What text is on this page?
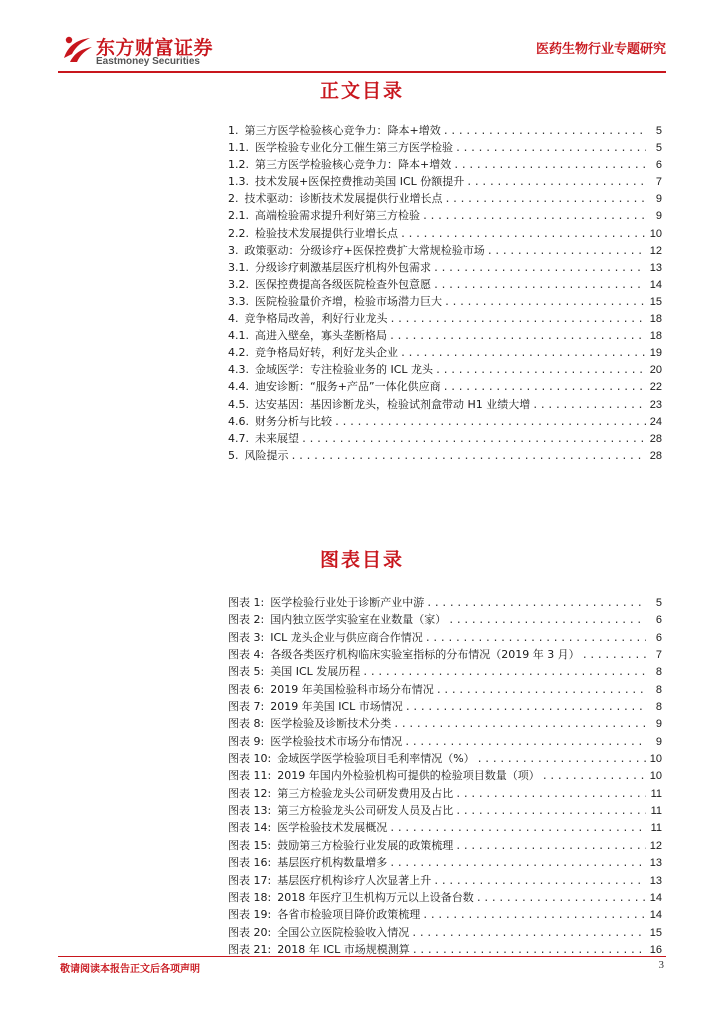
东方财富证券
Eastmoney Securities
医药生物行业专题研究
正文目录
1. 第三方医学检验核心竞争力：降本+增效 .....	5
1.1. 医学检验专业化分工催生第三方医学检验 .....	5
1.2. 第三方医学检验核心竞争力：降本+增效 .....	6
1.3. 技术发展+医保控费推动美国 ICL 份额提升 .....	7
2. 技术驱动：诊断技术发展提供行业增长点 .....	9
2.1. 高端检验需求提升利好第三方检验 .....	9
2.2. 检验技术发展提供行业增长点 .....	10
3. 政策驱动：分级诊疗+医保控费扩大常规检验市场 .....	12
3.1. 分级诊疗刺激基层医疗机构外包需求 .....	13
3.2. 医保控费提高各级医院检查外包意愿 .....	14
3.3. 医院检验量价齐增，检验市场潜力巨大 .....	15
4. 竞争格局改善，利好行业龙头 .....	18
4.1. 高进入壁垒，寡头垄断格局 .....	18
4.2. 竞争格局好转，利好龙头企业 .....	19
4.3. 金域医学：专注检验业务的 ICL 龙头 .....	20
4.4. 迪安诊断：“服务+产品”一体化供应商 .....	22
4.5. 达安基因：基因诊断龙头，检验试剂盒带动 H1 业绩大增 .....	23
4.6. 财务分析与比较 .....	24
4.7. 未来展望 .....	28
5. 风险提示 .....	28
图表目录
图表 1: 医学检验行业处于诊断产业中游 .....	5
图表 2: 国内独立医学实验室在业数量（家） .....	6
图表 3: ICL 龙头企业与供应商合作情况 .....	6
图表 4: 各级各类医疗机构临床实验室指标的分布情况（2019 年 3 月） .....	7
图表 5: 美国 ICL 发展历程 .....	8
图表 6: 2019 年美国检验科市场分布情况 .....	8
图表 7: 2019 年美国 ICL 市场情况 .....	8
图表 8: 医学检验及诊断技术分类 .....	9
图表 9: 医学检验技术市场分布情况 .....	9
图表 10: 金域医学医学检验项目毛利率情况（%） .....	10
图表 11: 2019 年国内外检验机构可提供的检验项目数量（项） .....	10
图表 12: 第三方检验龙头公司研发费用及占比 .....	11
图表 13: 第三方检验龙头公司研发人员及占比 .....	11
图表 14: 医学检验技术发展概况 .....	11
图表 15: 鼓励第三方检验行业发展的政策梳理 .....	12
图表 16: 基层医疗机构数量增多 .....	13
图表 17: 基层医疗机构诊疗人次显著上升 .....	13
图表 18: 2018 年医疗卫生机构万元以上设备台数 .....	14
图表 19: 各省市检验项目降价政策梳理 .....	14
图表 20: 全国公立医院检验收入情况 .....	15
图表 21: 2018 年 ICL 市场规模测算 .....	16
敬请阅读本报告正文后各项声明	3
